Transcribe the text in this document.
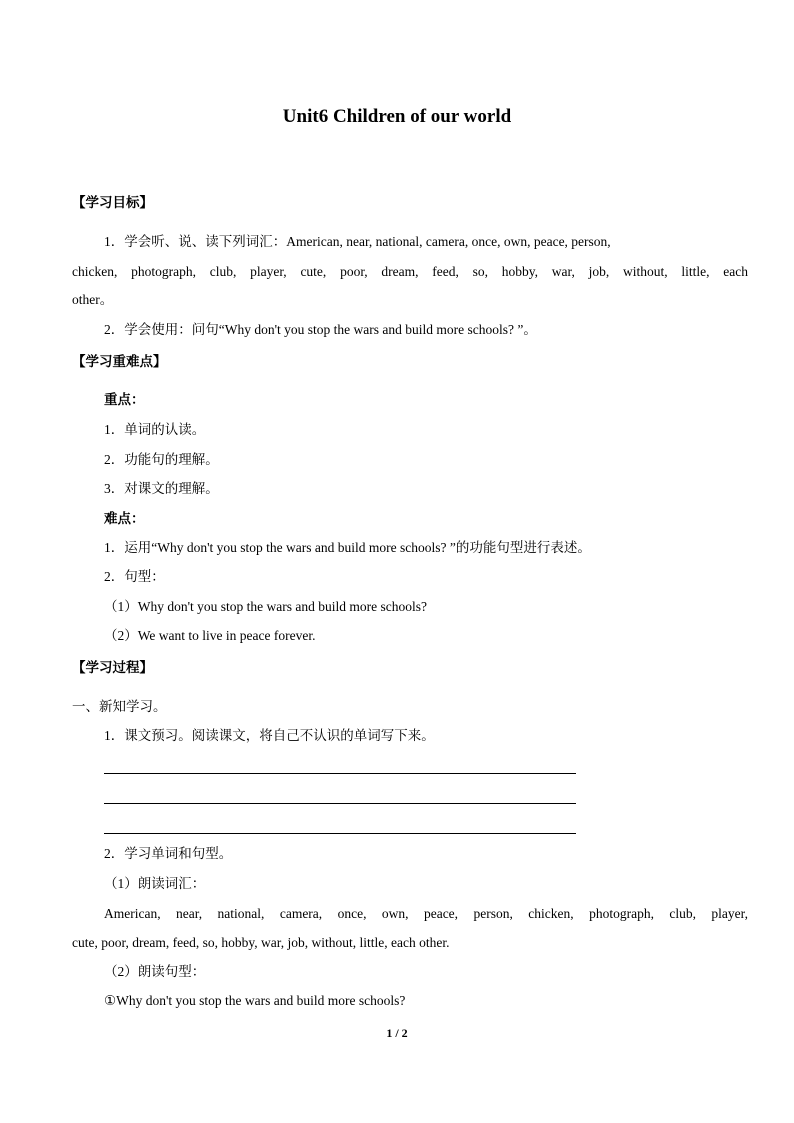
Unit6 Children of our world
【学习目标】
1．学会听、说、读下列词汇：American, near, national, camera, once, own, peace, person,
chicken, photograph, club, player, cute, poor, dream, feed, so, hobby, war, job, without, little, each
other。
2．学会使用：问句“Why don't you stop the wars and build more schools? ”。
【学习重难点】
重点：
1．单词的认读。
2．功能句的理解。
3．对课文的理解。
难点：
1．运用“Why don't you stop the wars and build more schools? ”的功能句型进行表述。
2．句型：
（1）Why don't you stop the wars and build more schools?
（2）We want to live in peace forever.
【学习过程】
一、新知学习。
1．课文预习。阅读课文，将自己不认识的单词写下来。
2．学习单词和句型。
（1）朗读词汇：
American, near, national, camera, once, own, peace, person, chicken, photograph, club, player,
cute, poor, dream, feed, so, hobby, war, job, without, little, each other.
（2）朗读句型：
①Why don't you stop the wars and build more schools?
1 / 2
